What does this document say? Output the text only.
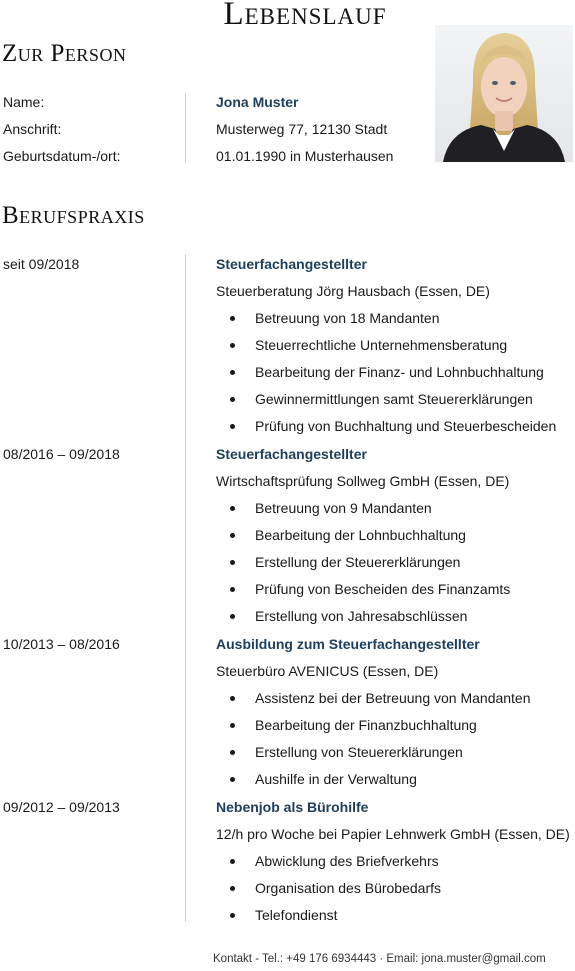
Lebenslauf
Zur Person
Name:	Jona Muster
Anschrift:	Musterweg 77, 12130 Stadt
Geburtsdatum-/ort:	01.01.1990 in Musterhausen
Berufspraxis
seit 09/2018	Steuerfachangestellter
Steuerberatung Jörg Hausbach (Essen, DE)
Betreuung von 18 Mandanten
Steuerrechtliche Unternehmensberatung
Bearbeitung der Finanz- und Lohnbuchhaltung
Gewinnermittlungen samt Steuererklärungen
Prüfung von Buchhaltung und Steuerbescheiden
08/2016 – 09/2018	Steuerfachangestellter
Wirtschaftsprüfung Sollweg GmbH (Essen, DE)
Betreuung von 9 Mandanten
Bearbeitung der Lohnbuchhaltung
Erstellung der Steuererklärungen
Prüfung von Bescheiden des Finanzamts
Erstellung von Jahresabschlüssen
10/2013 – 08/2016	Ausbildung zum Steuerfachangestellter
Steuerbüro AVENICUS (Essen, DE)
Assistenz bei der Betreuung von Mandanten
Bearbeitung der Finanzbuchhaltung
Erstellung von Steuererklärungen
Aushilfe in der Verwaltung
09/2012 – 09/2013	Nebenjob als Bürohilfe
12/h pro Woche bei Papier Lehnwerk GmbH (Essen, DE)
Abwicklung des Briefverkehrs
Organisation des Bürobedarfs
Telefondienst
Kontakt - Tel.: +49 176 6934443 · Email: jona.muster@gmail.com
